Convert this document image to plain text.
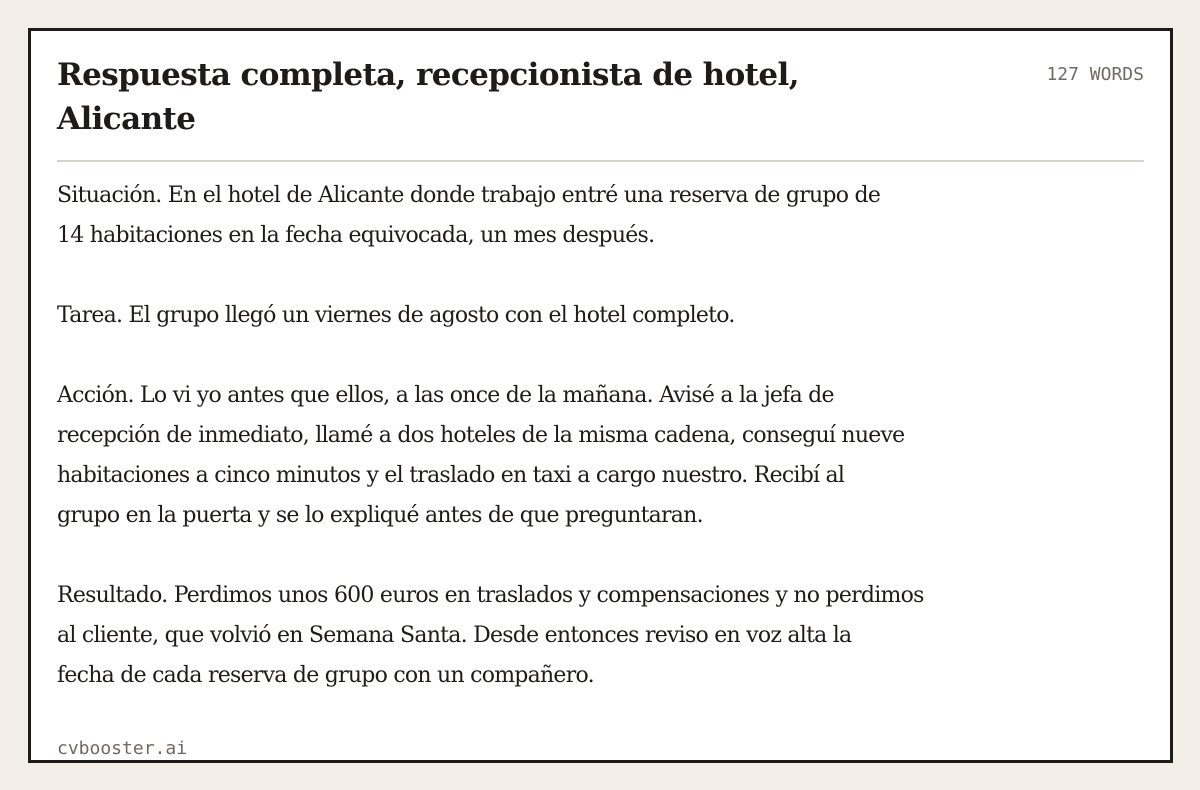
Respuesta completa, recepcionista de hotel, Alicante
127 WORDS

Situación. En el hotel de Alicante donde trabajo entré una reserva de grupo de
14 habitaciones en la fecha equivocada, un mes después.

Tarea. El grupo llegó un viernes de agosto con el hotel completo.

Acción. Lo vi yo antes que ellos, a las once de la mañana. Avisé a la jefa de
recepción de inmediato, llamé a dos hoteles de la misma cadena, conseguí nueve
habitaciones a cinco minutos y el traslado en taxi a cargo nuestro. Recibí al
grupo en la puerta y se lo expliqué antes de que preguntaran.

Resultado. Perdimos unos 600 euros en traslados y compensaciones y no perdimos
al cliente, que volvió en Semana Santa. Desde entonces reviso en voz alta la
fecha de cada reserva de grupo con un compañero.

cvbooster.ai
